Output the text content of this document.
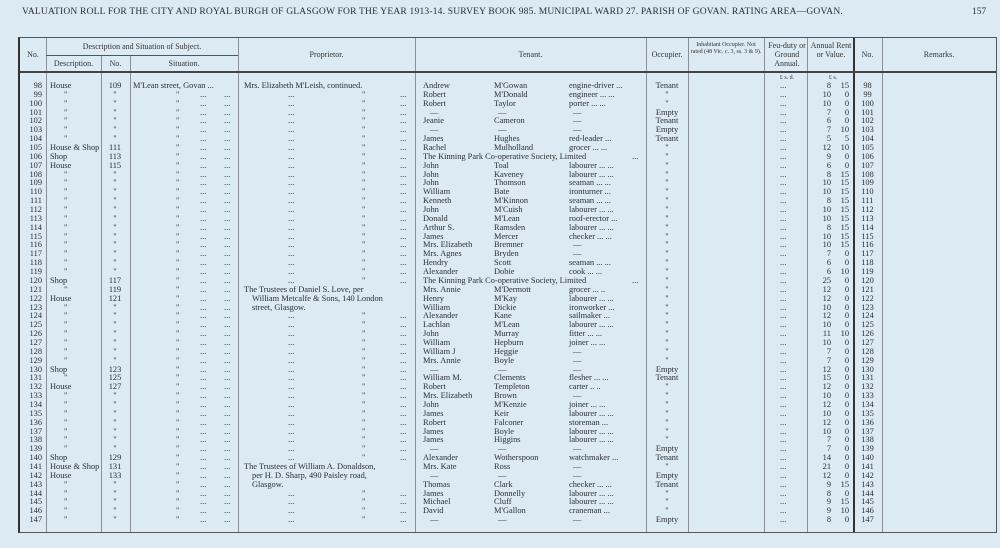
VALUATION ROLL FOR THE CITY AND ROYAL BURGH OF GLASGOW FOR THE YEAR 1913-14. SURVEY BOOK 985. MUNICIPAL WARD 27. PARISH OF GOVAN. RATING AREA—GOVAN.	157
No.
Description and Situation of Subject.
Description.	No.	Situation.
Proprietor.	Tenant.	Occupier.
Inhabitant Occupier. Not rated (48 Vic. c. 3, ss. 3 & 9).
Feu-duty or Ground Annual.
Annual Rent or Value.	No.	Remarks.
£ s. d.	£ s.
98 House	109	M'Lean street, Govan ...	Mrs. Elizabeth M'Leish, continued.	Andrew	M'Gowan	engine-driver ...	Tenant	...	8	15	98
99	"	"	" ... ...	...	"	... Robert	M'Donald	engineer ... ...	"	...	10	0	99
100	"	"	" ... ...	...	"	... Robert	Taylor	porter ... ...	"	...	10	0	100
101	"	"	" ... ...	...	"	...	—	—	—	Empty	...	7	0	101
102	"	"	" ... ...	...	"	... Jeanie	Cameron	—	Tenant	...	6	0	102
103	"	"	" ... ...	...	"	...	—	—	—	Empty	...	7	10	103
104	"	"	" ... ...	...	"	... James	Hughes	red-leader ...	Tenant	...	5	5	104
105 House & Shop	111	" ... ...	...	"	... Rachel	Mulholland	grocer ... ...	"	...	12	10	105
106 Shop	113	" ... ...	...	"	... The Kinning Park Co-operative Society, Limited	...	"	...	9	0	106
107 House	115	" ... ...	...	"	... John	Toal	labourer ... ...	"	...	6	0	107
108	"	"	" ... ...	...	"	... John	Kaveney	labourer ... ...	"	...	8	15	108
109	"	"	" ... ...	...	"	... John	Thomson	seaman ... ...	"	...	10	15	109
110	"	"	" ... ...	...	"	... William	Bate	ironturner ...	"	...	10	15	110
111	"	"	" ... ...	...	"	... Kenneth	M'Kinnon	seaman ... ...	"	...	8	15	111
112	"	"	" ... ...	...	"	... John	M'Cuish	labourer ... ...	"	...	10	15	112
113	"	"	" ... ...	...	"	... Donald	M'Lean	roof-erector ...	"	...	10	15	113
114	"	"	" ... ...	...	"	... Arthur S.	Ramsden	labourer ... ...	"	...	8	15	114
115	"	"	" ... ...	...	"	... James	Mercer	checker ... ...	"	...	10	15	115
116	"	"	" ... ...	...	"	... Mrs. Elizabeth	Bremner	—	"	...	10	15	116
117	"	"	" ... ...	...	"	... Mrs. Agnes	Bryden	—	"	...	7	0	117
118	"	"	" ... ...	...	"	... Hendry	Scott	seaman ... ...	"	...	6	0	118
119	"	"	" ... ...	...	"	... Alexander	Dobie	cook ... ...	"	...	6	10	119
120 Shop	117	" ... ...	...	"	... The Kinning Park Co-operative Society, Limited	...	"	...	25	0	120
121	"	119	" ... ... The Trustees of Daniel S. Love, per	Mrs. Annie	M'Dermott	grocer ... ..	"	...	12	0	121
122 House	121	" ... ...	William Metcalfe & Sons, 140 London	Henry	M'Kay	labourer ... ...	"	...	12	0	122
123	"	"	" ... ...	street, Glasgow.	William	Dickie	ironworker ...	"	...	10	0	123
124	"	"	" ... ...	...	"	... Alexander	Kane	sailmaker ...	"	...	12	0	124
125	"	"	" ... ...	...	"	... Lachlan	M'Lean	labourer ... ...	"	...	10	0	125
126	"	"	" ... ...	...	"	... John	Murray	fitter ... ...	"	...	11	10	126
127	"	"	" ... ...	...	"	... William	Hepburn	joiner ... ...	"	...	10	0	127
128	"	"	" ... ...	...	"	... William J	Heggie	—	"	...	7	0	128
129	"	"	" ... ...	...	"	... Mrs. Annie	Boyle	—	"	...	7	0	129
130 Shop	123	" ... ...	...	"	...	—	—	—	Empty	...	12	0	130
131	"	125	" ... ...	...	"	... William M.	Clements	flesher ... ...	Tenant	...	15	0	131
132 House	127	" ... ...	...	"	... Robert	Templeton	carter .. ..	"	...	12	0	132
133	"	"	" ... ...	...	"	... Mrs. Elizabeth	Brown	—	"	...	10	0	133
134	"	"	" ... ...	...	"	... John	M'Kenzie	joiner ... ...	"	...	12	0	134
135	"	"	" ... ...	...	"	... James	Keir	labourer ... ...	"	...	10	0	135
136	"	"	" ... ...	...	"	... Robert	Falconer	storeman ...	"	...	12	0	136
137	"	"	" ... ...	...	"	... James	Boyle	labourer ... ...	"	...	10	0	137
138	"	"	" ... ...	...	"	... James	Higgins	labourer ... ...	"	...	7	0	138
139	"	"	" ... ...	...	"	...	—	—	—	Empty	...	7	0	139
140 Shop	129	" ... ...	...	"	... Alexander	Wotherspoon	watchmaker ...	Tenant	...	14	0	140
141 House & Shop	131	" ... ... The Trustees of William A. Donaldson,	Mrs. Kate	Ross	—	"	...	21	0	141
142 House	133	" ... ...	per H. D. Sharp, 490 Paisley road,	—	—	—	Empty	...	12	0	142
143	"	"	" ... ...	Glasgow.	Thomas	Clark	checker ... ...	Tenant	...	9	15	143
144	"	"	" ... ...	...	"	... James	Donnelly	labourer ... ...	"	...	8	0	144
145	"	"	" ... ...	...	"	... Michael	Cluff	labourer ... ...	"	...	9	15	145
146	"	"	" ... ...	...	"	... David	M'Gallon	craneman ...	"	...	9	10	146
147	"	"	" ... ...	...	"	...	—	—	—	Empty	...	8	0	147
